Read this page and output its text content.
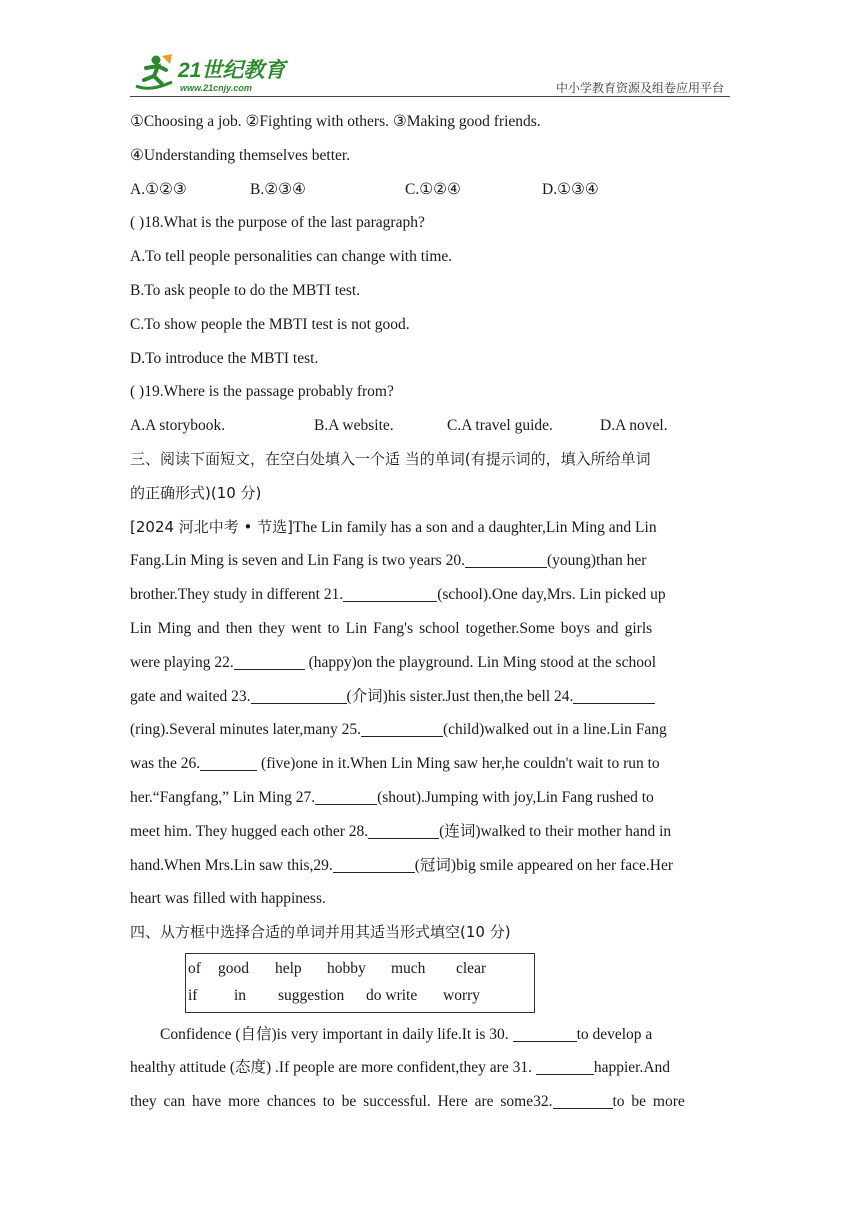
21世纪教育
www.21cnjy.com	中小学教育资源及组卷应用平台
①Choosing a job. ②Fighting with others. ③Making good friends.
④Understanding themselves better.
A.①②③	B.②③④	C.①②④	D.①③④
( )18.What is the purpose of the last paragraph?
A.To tell people personalities can change with time.
B.To ask people to do the MBTI test.
C.To show people the MBTI test is not good.
D.To introduce the MBTI test.
( )19.Where is the passage probably from?
A.A storybook.	B.A website.	C.A travel guide.	D.A novel.
三、阅读下面短文，在空白处填入一个适 当的单词(有提示词的，填入所给单词
的正确形式)(10 分)
[2024 河北中考 • 节选]The Lin family has a son and a daughter,Lin Ming and Lin
Fang.Lin Ming is seven and Lin Fang is two years 20.	(young)than her
brother.They study in different 21.	(school).One day,Mrs. Lin picked up
Lin Ming and then they went to Lin Fang's school together.Some boys and girls
were playing 22.	(happy)on the playground. Lin Ming stood at the school
gate and waited 23.	(介词)his sister.Just then,the bell 24.
(ring).Several minutes later,many 25.	(child)walked out in a line.Lin Fang
was the 26.	(five)one in it.When Lin Ming saw her,he couldn't wait to run to
her.“Fangfang,” Lin Ming 27.	(shout).Jumping with joy,Lin Fang rushed to
meet him. They hugged each other 28.	(连词)walked to their mother hand in
hand.When Mrs.Lin saw this,29.	(冠词)big smile appeared on her face.Her
heart was filled with happiness.
四、从方框中选择合适的单词并用其适当形式填空(10 分)
of good help hobby much clear
if in suggestion do write worry
Confidence (自信)is very important in daily life.It is 30.	to develop a
healthy attitude (态度) .If people are more confident,they are 31.	happier.And
they can have more chances to be successful. Here are some32.	to be more
